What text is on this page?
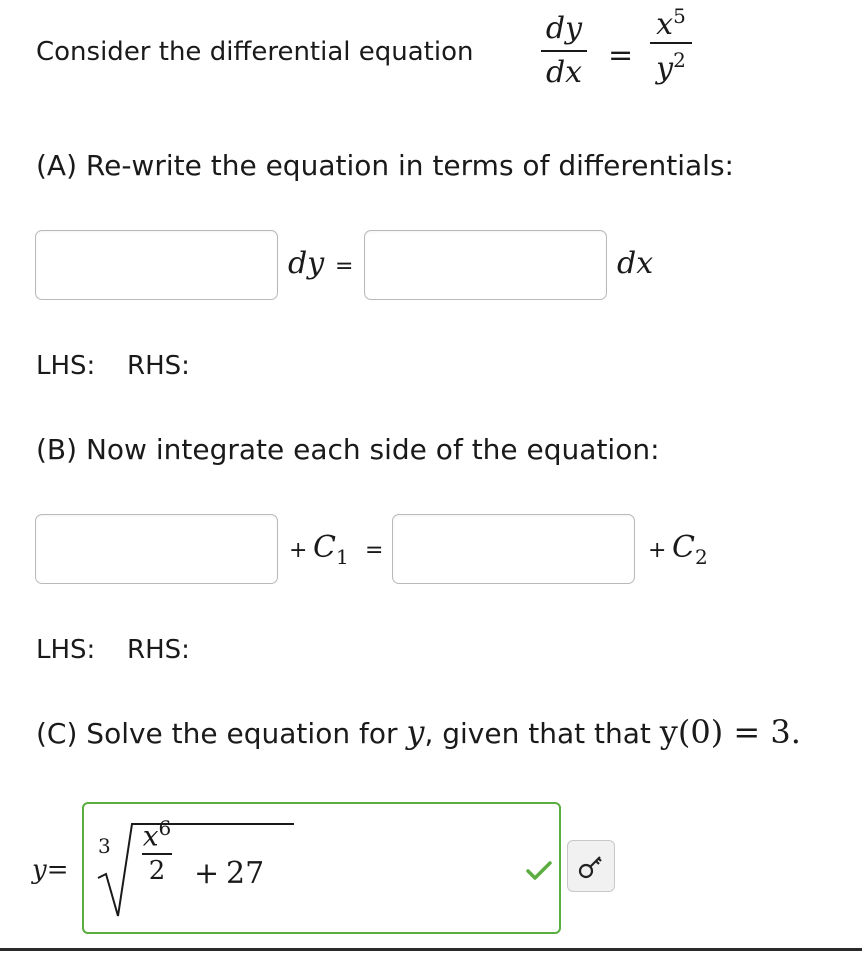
Consider the differential equation
dy
dx =
$x^5$
$y^2$
(A) Re-write the equation in terms of differentials:
dy =	dx
LHS: RHS:
(B) Now integrate each side of the equation:
+ $C_1$ =	+ $C_2$
LHS: RHS:
(C) Solve the equation for y, given that that y(0) = 3.
y=
3 $x^6$
2 + 27
